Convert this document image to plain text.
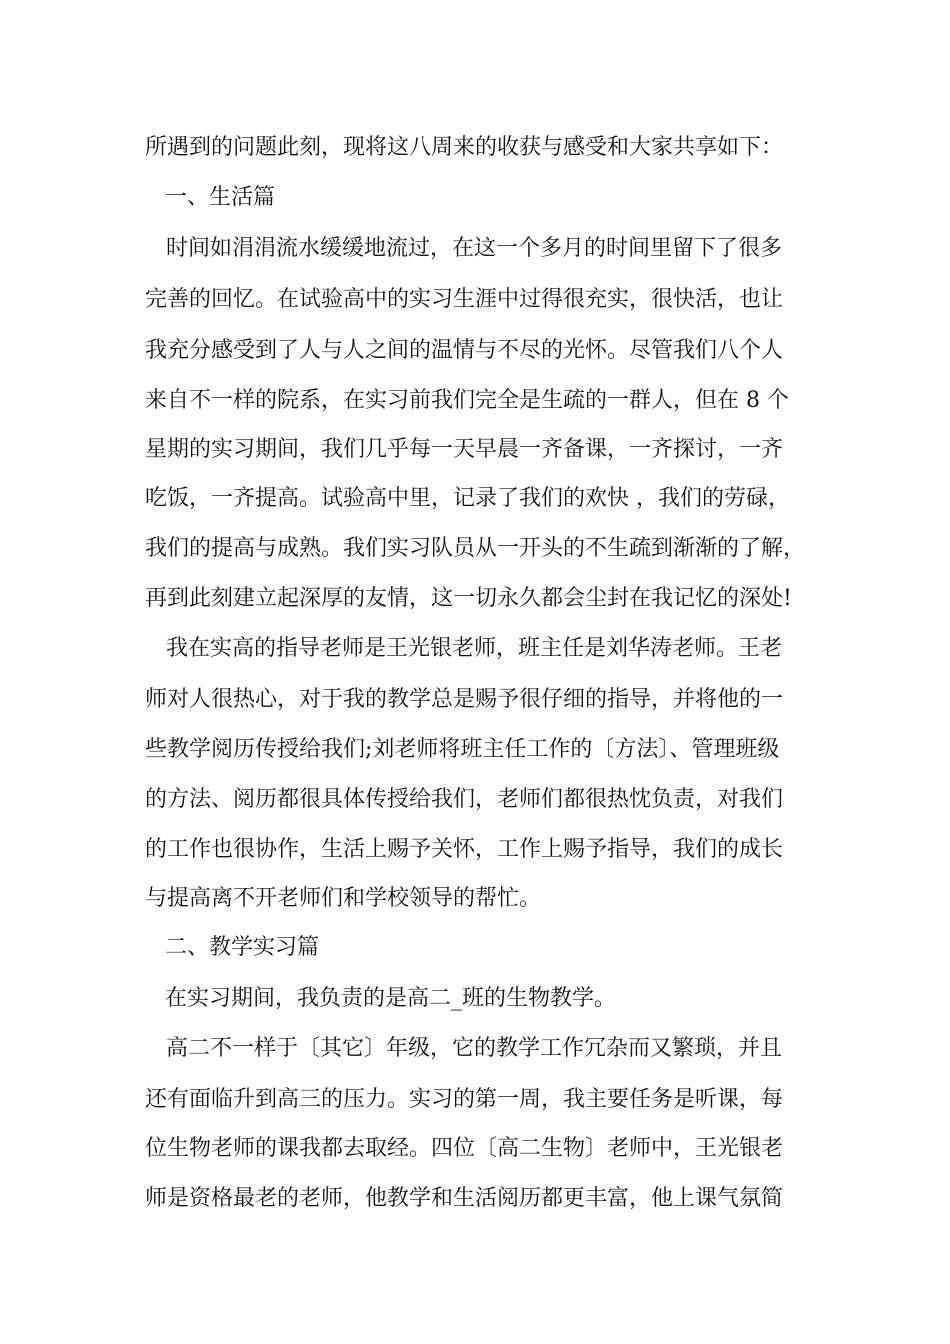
所遇到的问题此刻，现将这八周来的收获与感受和大家共享如下：
一、生活篇
时间如涓涓流水缓缓地流过，在这一个多月的时间里留下了很多
完善的回忆。在试验高中的实习生涯中过得很充实，很快活，也让
我充分感受到了人与人之间的温情与不尽的光怀。尽管我们八个人
来自不一样的院系，在实习前我们完全是生疏的一群人，但在 8 个
星期的实习期间，我们几乎每一天早晨一齐备课，一齐探讨，一齐
吃饭，一齐提高。试验高中里，记录了我们的欢快 ，我们的劳碌，
我们的提高与成熟。我们实习队员从一开头的不生疏到渐渐的了解，
再到此刻建立起深厚的友情，这一切永久都会尘封在我记忆的深处!
我在实高的指导老师是王光银老师，班主任是刘华涛老师。王老
师对人很热心，对于我的教学总是赐予很仔细的指导，并将他的一
些教学阅历传授给我们;刘老师将班主任工作的〔方法〕、管理班级
的方法、阅历都很具体传授给我们，老师们都很热忱负责，对我们
的工作也很协作，生活上赐予关怀，工作上赐予指导，我们的成长
与提高离不开老师们和学校领导的帮忙。
二、教学实习篇
在实习期间，我负责的是高二_班的生物教学。
高二不一样于〔其它〕年级，它的教学工作冗杂而又繁琐，并且
还有面临升到高三的压力。实习的第一周，我主要任务是听课，每
位生物老师的课我都去取经。四位〔高二生物〕老师中，王光银老
师是资格最老的老师，他教学和生活阅历都更丰富，他上课气氛简
